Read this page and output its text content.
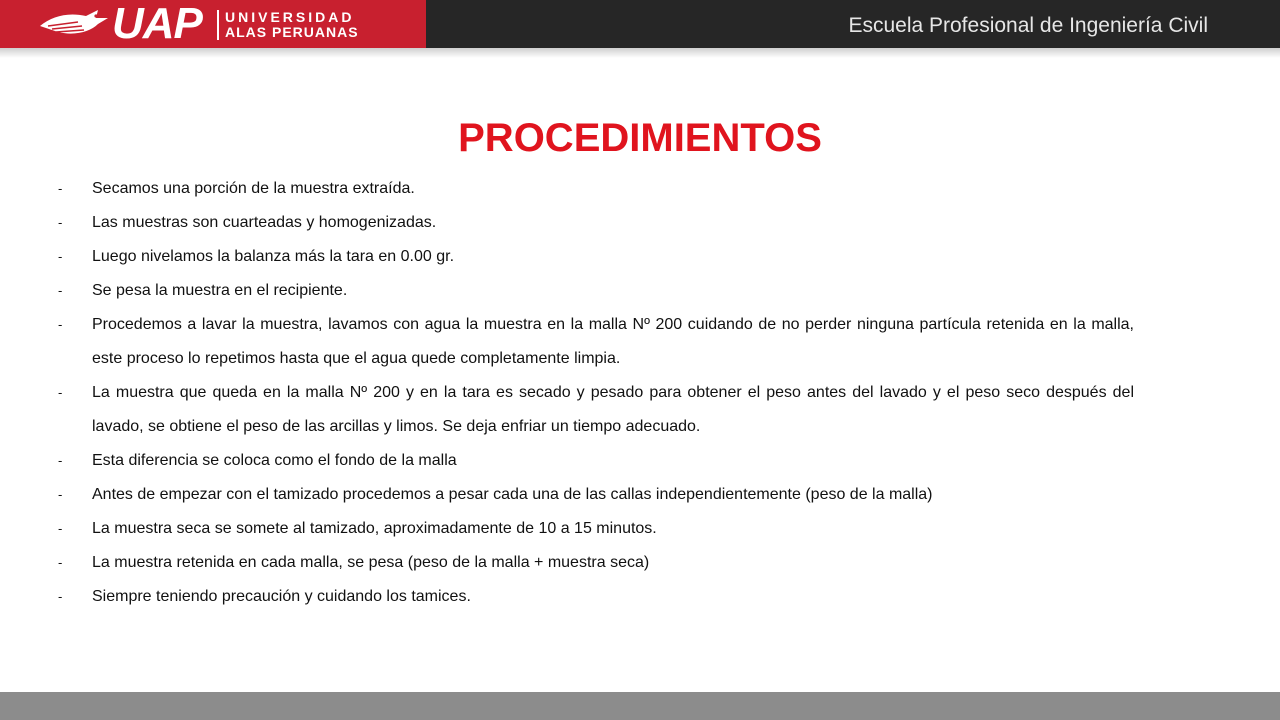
UAP UNIVERSIDAD
ALAS PERUANAS	Escuela Profesional de Ingeniería Civil
PROCEDIMIENTOS
- Secamos una porción de la muestra extraída.
- Las muestras son cuarteadas y homogenizadas.
- Luego nivelamos la balanza más la tara en 0.00 gr.
- Se pesa la muestra en el recipiente.
- Procedemos a lavar la muestra, lavamos con agua la muestra en la malla Nº 200 cuidando de no perder ninguna partícula retenida en la malla, este proceso lo repetimos hasta que el agua quede completamente limpia.
- La muestra que queda en la malla Nº 200 y en la tara es secado y pesado para obtener el peso antes del lavado y el peso seco después del lavado, se obtiene el peso de las arcillas y limos. Se deja enfriar un tiempo adecuado.
- Esta diferencia se coloca como el fondo de la malla
- Antes de empezar con el tamizado procedemos a pesar cada una de las callas independientemente (peso de la malla)
- La muestra seca se somete al tamizado, aproximadamente de 10 a 15 minutos.
- La muestra retenida en cada malla, se pesa (peso de la malla + muestra seca)
- Siempre teniendo precaución y cuidando los tamices.
